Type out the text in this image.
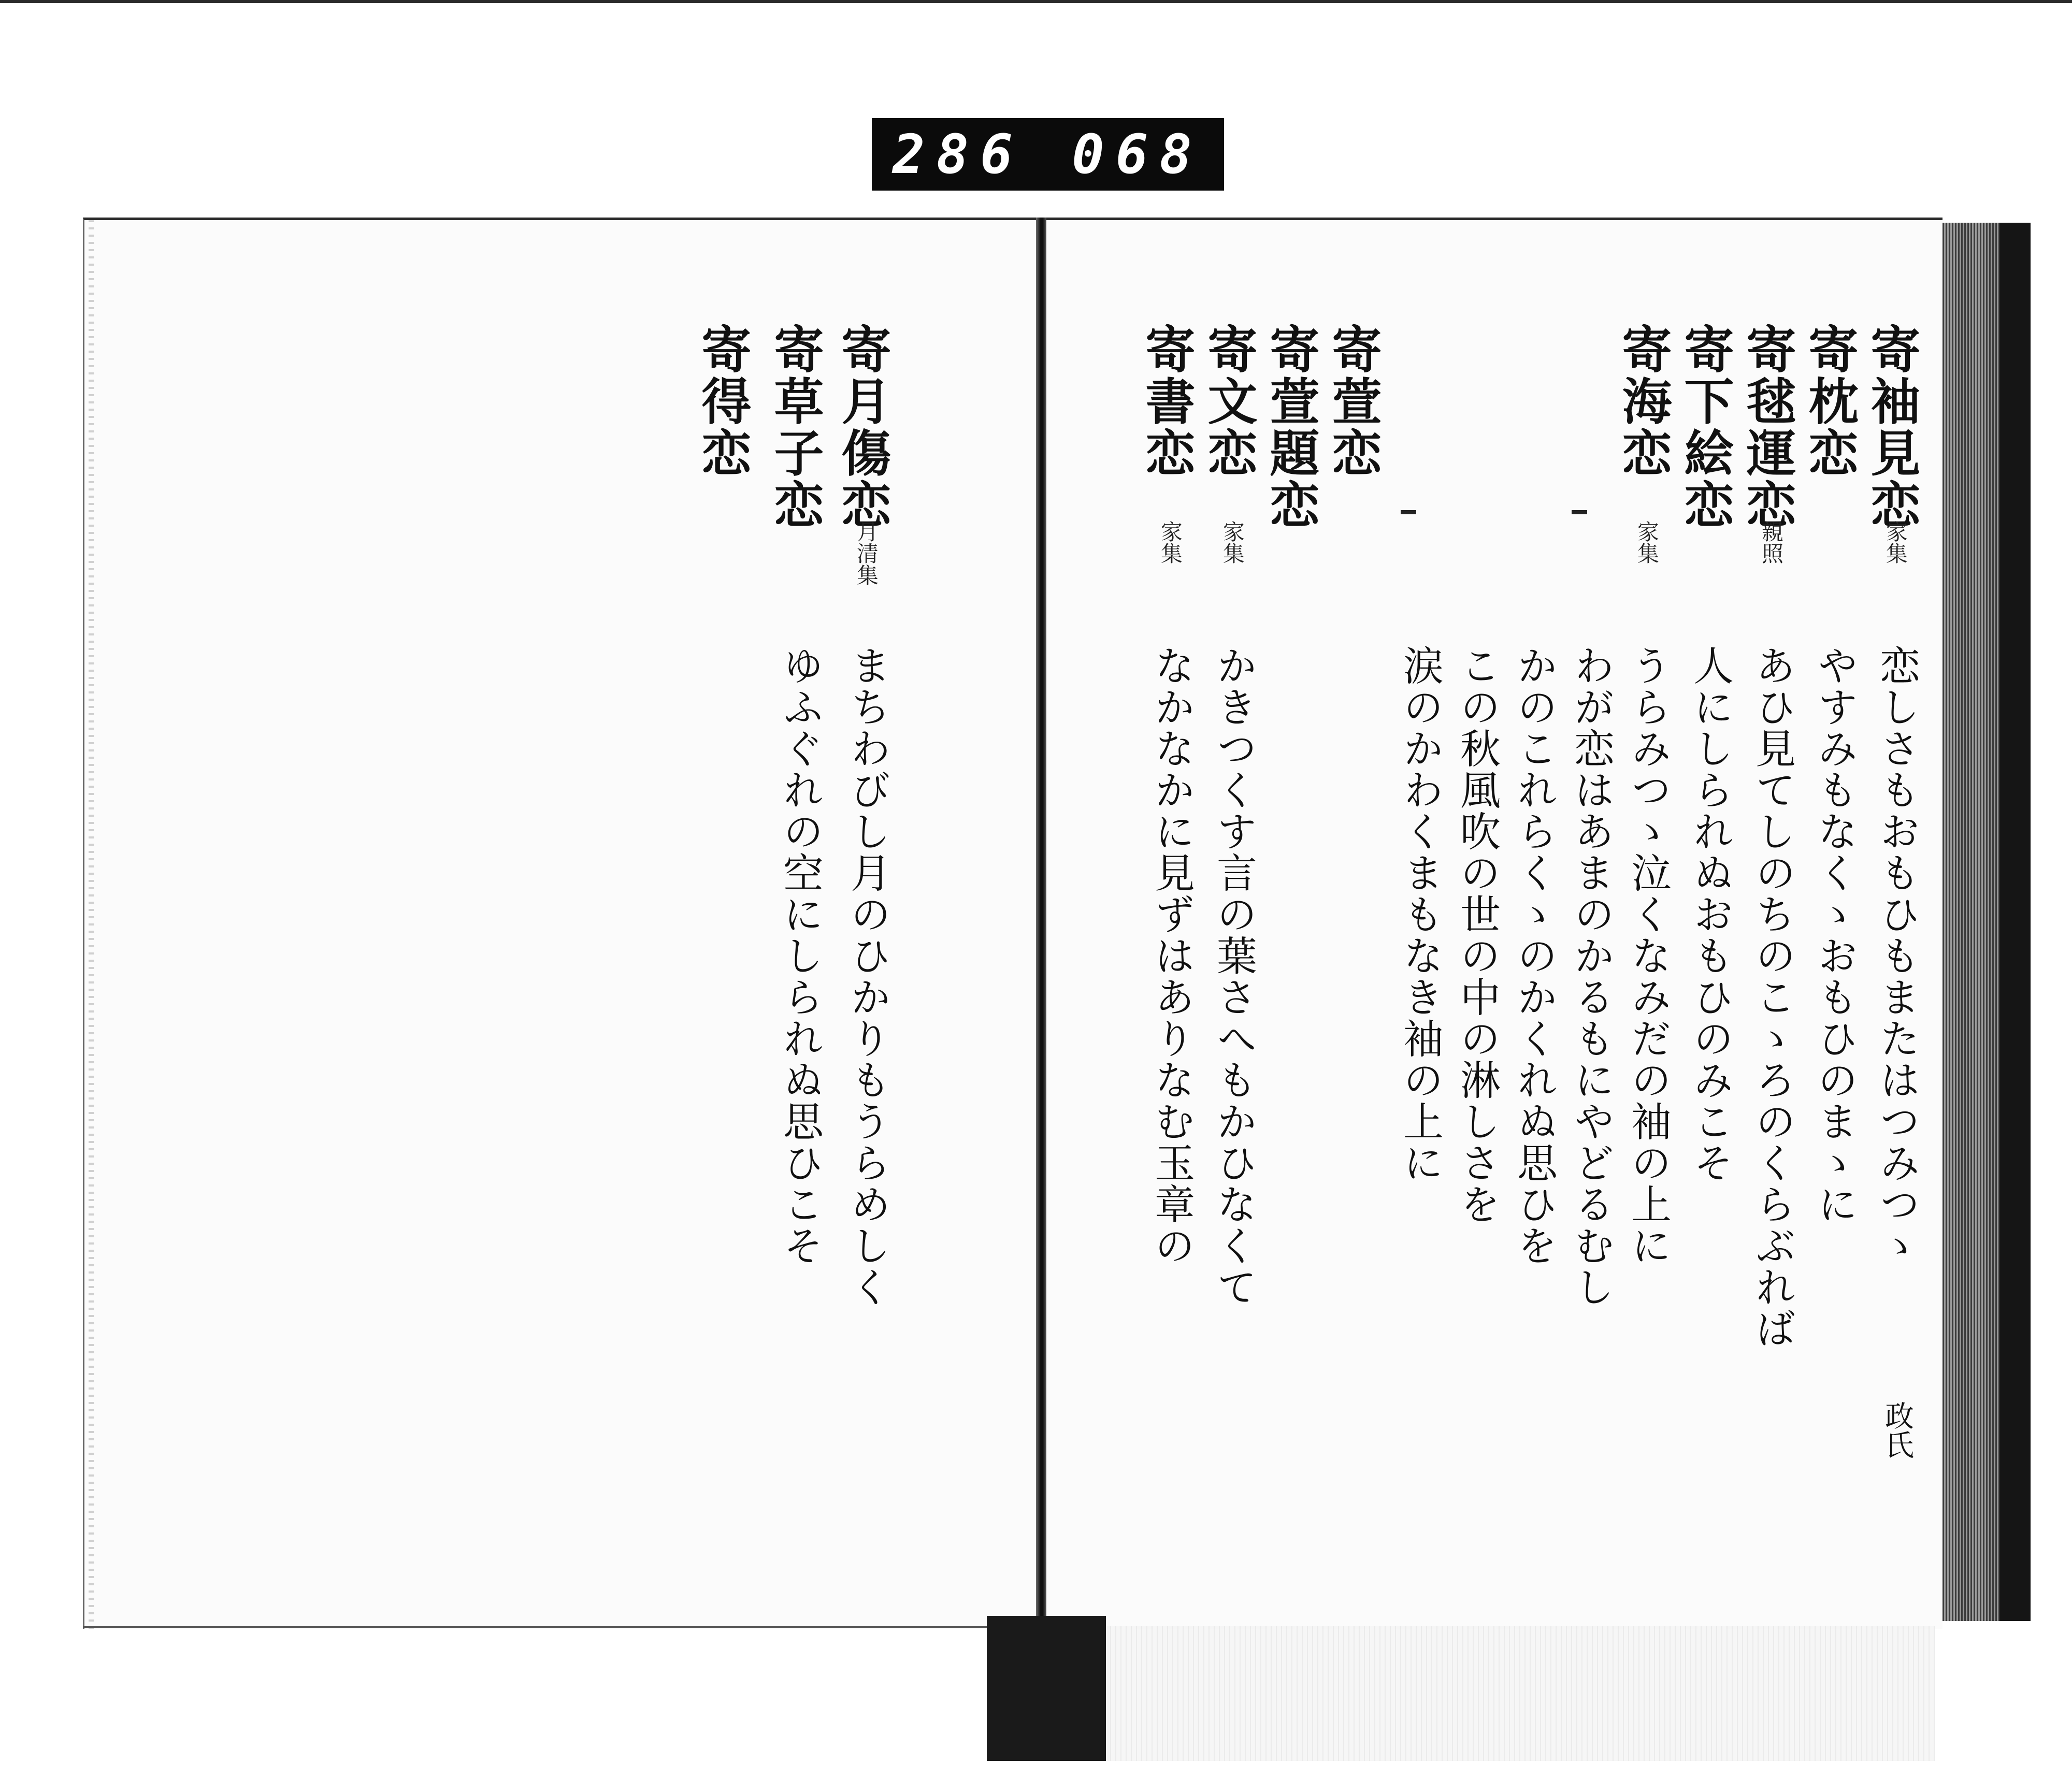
286 068
寄月傷恋
月清集
まちわびし月のひかりもうらめしく
寄草子恋
ゆふぐれの空にしられぬ思ひこそ
寄得恋	寄袖見恋
家集
恋しさもおもひもまたはつみつゝ
政氏
寄枕恋
やすみもなくゝおもひのまゝに
寄毬運恋
親照
あひ見てしのちのこゝろのくらぶれば
寄下絵恋
人にしられぬおもひのみこそ
寄海恋
家集
うらみつゝ泣くなみだの袖の上に
わが恋はあまのかるもにやどるむし
かのこれらくゝのかくれぬ思ひを
この秋風吹の世の中の淋しさを
涙のかわくまもなき袖の上に
寄萱恋
寄萱題恋
寄文恋
家集
かきつくす言の葉さへもかひなくて
寄書恋
家集
なかなかに見ずはありなむ玉章の
